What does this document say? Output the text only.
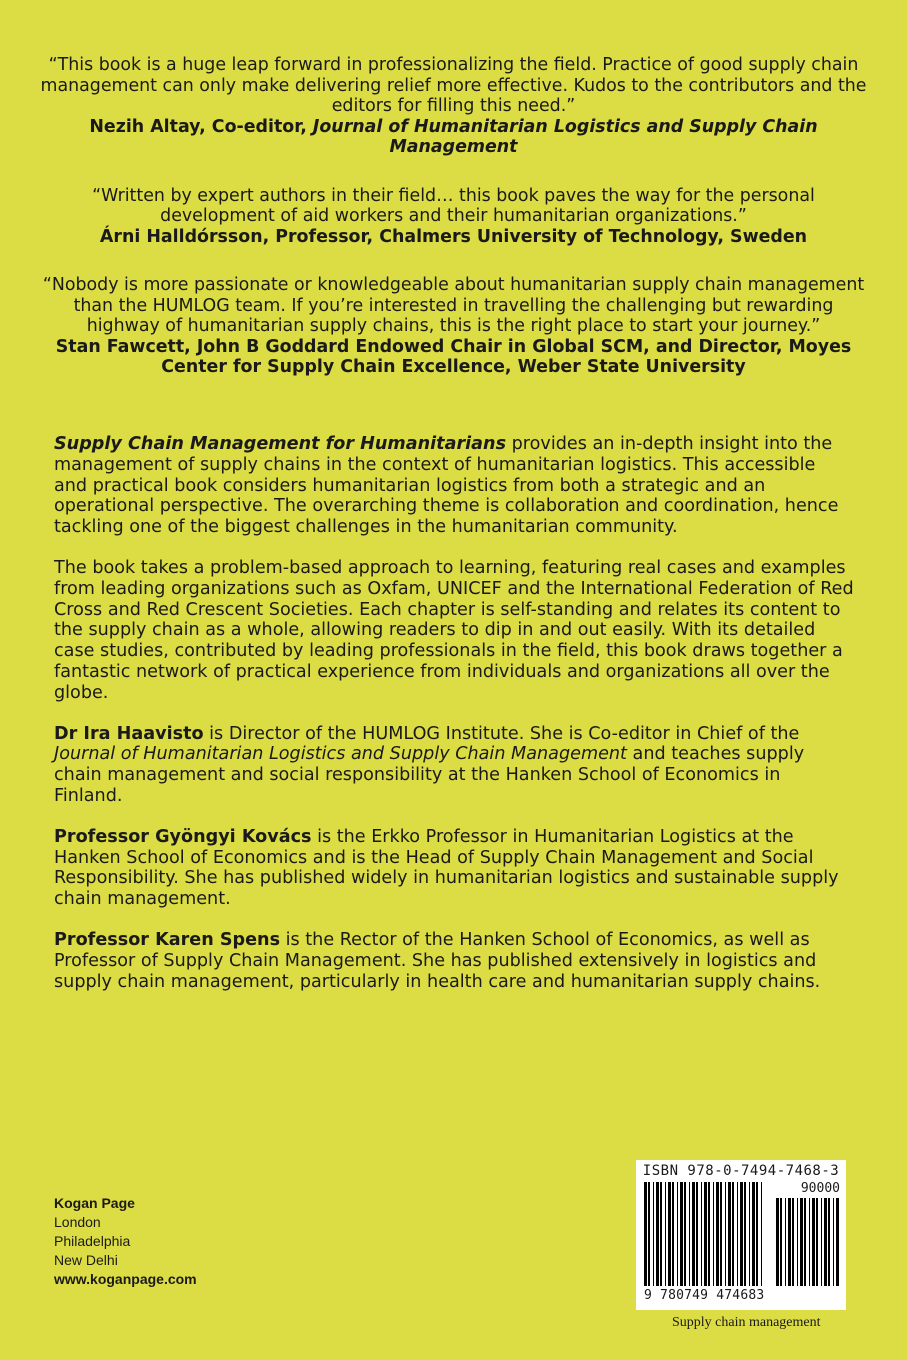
“This book is a huge leap forward in professionalizing the field. Practice of good supply chain management can only make delivering relief more effective. Kudos to the contributors and the editors for filling this need.”

Nezih Altay, Co-editor, Journal of Humanitarian Logistics and Supply Chain Management

“Written by expert authors in their field… this book paves the way for the personal development of aid workers and their humanitarian organizations.”

Árni Halldórsson, Professor, Chalmers University of Technology, Sweden

“Nobody is more passionate or knowledgeable about humanitarian supply chain management than the HUMLOG team. If you’re interested in travelling the challenging but rewarding highway of humanitarian supply chains, this is the right place to start your journey.”

Stan Fawcett, John B Goddard Endowed Chair in Global SCM, and Director, Moyes Center for Supply Chain Excellence, Weber State University

Supply Chain Management for Humanitarians provides an in-depth insight into the management of supply chains in the context of humanitarian logistics. This accessible and practical book considers humanitarian logistics from both a strategic and an operational perspective. The overarching theme is collaboration and coordination, hence tackling one of the biggest challenges in the humanitarian community.

The book takes a problem-based approach to learning, featuring real cases and examples from leading organizations such as Oxfam, UNICEF and the International Federation of Red Cross and Red Crescent Societies. Each chapter is self-standing and relates its content to the supply chain as a whole, allowing readers to dip in and out easily. With its detailed case studies, contributed by leading professionals in the field, this book draws together a fantastic network of practical experience from individuals and organizations all over the globe.

Dr Ira Haavisto is Director of the HUMLOG Institute. She is Co-editor in Chief of the Journal of Humanitarian Logistics and Supply Chain Management and teaches supply chain management and social responsibility at the Hanken School of Economics in Finland.

Professor Gyöngyi Kovács is the Erkko Professor in Humanitarian Logistics at the Hanken School of Economics and is the Head of Supply Chain Management and Social Responsibility. She has published widely in humanitarian logistics and sustainable supply chain management.

Professor Karen Spens is the Rector of the Hanken School of Economics, as well as Professor of Supply Chain Management. She has published extensively in logistics and supply chain management, particularly in health care and humanitarian supply chains.

Kogan Page
London
Philadelphia
New Delhi
www.koganpage.com
ISBN 978-0-7494-7468-3
90000
9 780749 474683
Supply chain management
